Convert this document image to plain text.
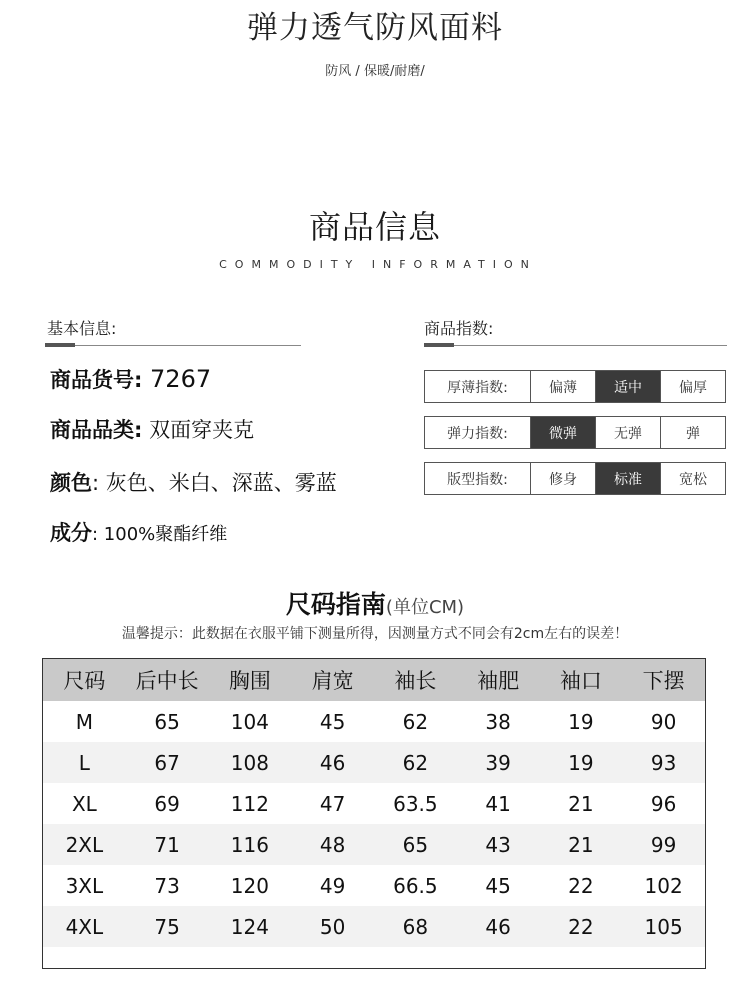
弹力透气防风面料
防风 / 保暖/耐磨/
商品信息
COMMODITY INFORMATION
基本信息:
商品货号: 7267
商品品类: 双面穿夹克
颜色: 灰色、米白、深蓝、雾蓝
成分: 100%聚酯纤维
商品指数:
厚薄指数:	偏薄	适中	偏厚
弹力指数:	微弹	无弹	弹
版型指数:	修身	标准	宽松
尺码指南(单位CM)
温馨提示：此数据在衣服平铺下测量所得，因测量方式不同会有2cm左右的误差！
尺码	后中长	胸围	肩宽	袖长	袖肥	袖口	下摆
M	65	104	45	62	38	19	90
L	67	108	46	62	39	19	93
XL	69	112	47	63.5	41	21	96
2XL	71	116	48	65	43	21	99
3XL	73	120	49	66.5	45	22	102
4XL	75	124	50	68	46	22	105
